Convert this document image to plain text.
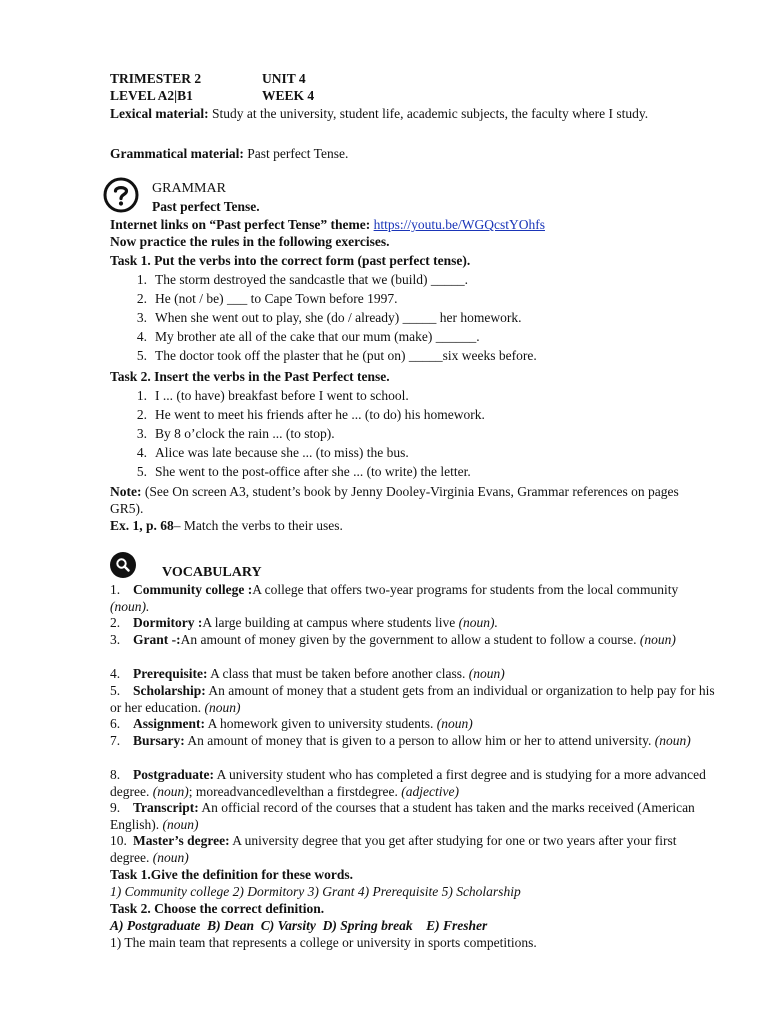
TRIMESTER 2	UNIT 4
LEVEL A2|B1	WEEK 4
Lexical material: Study at the university, student life, academic subjects, the faculty where I study.
Grammatical material: Past perfect Tense.
GRAMMAR
Past perfect Tense.
Internet links on “Past perfect Tense” theme: https://youtu.be/WGQcstYOhfs
Now practice the rules in the following exercises.
Task 1. Put the verbs into the correct form (past perfect tense).
1. The storm destroyed the sandcastle that we (build) _____.
2. He (not / be) ___ to Cape Town before 1997.
3. When she went out to play, she (do / already) _____ her homework.
4. My brother ate all of the cake that our mum (make) ______.
5. The doctor took off the plaster that he (put on) _____six weeks before.
Task 2. Insert the verbs in the Past Perfect tense.
1. I ... (to have) breakfast before I went to school.
2. He went to meet his friends after he ... (to do) his homework.
3. By 8 o’clock the rain ... (to stop).
4. Alice was late because she ... (to miss) the bus.
5. She went to the post-office after she ... (to write) the letter.
Note: (See On screen A3, student’s book by Jenny Dooley-Virginia Evans, Grammar references on pages GR5).
Ex. 1, p. 68– Match the verbs to their uses.
VOCABULARY
1. Community college :A college that offers two-year programs for students from the local community (noun).
2. Dormitory :A large building at campus where students live (noun).
3. Grant -:An amount of money given by the government to allow a student to follow a course. (noun)
4. Prerequisite: A class that must be taken before another class. (noun)
5. Scholarship: An amount of money that a student gets from an individual or organization to help pay for his or her education. (noun)
6. Assignment: A homework given to university students. (noun)
7. Bursary: An amount of money that is given to a person to allow him or her to attend university. (noun)
8. Postgraduate: A university student who has completed a first degree and is studying for a more advanced degree. (noun); moreadvancedlevelthan a firstdegree. (adjective)
9. Transcript: An official record of the courses that a student has taken and the marks received (American English). (noun)
10. Master’s degree: A university degree that you get after studying for one or two years after your first degree. (noun)
Task 1.Give the definition for these words.
1) Community college 2) Dormitory 3) Grant 4) Prerequisite 5) Scholarship
Task 2. Choose the correct definition.
A) Postgraduate  B) Dean  C) Varsity  D) Spring break    E) Fresher
1) The main team that represents a college or university in sports competitions.
